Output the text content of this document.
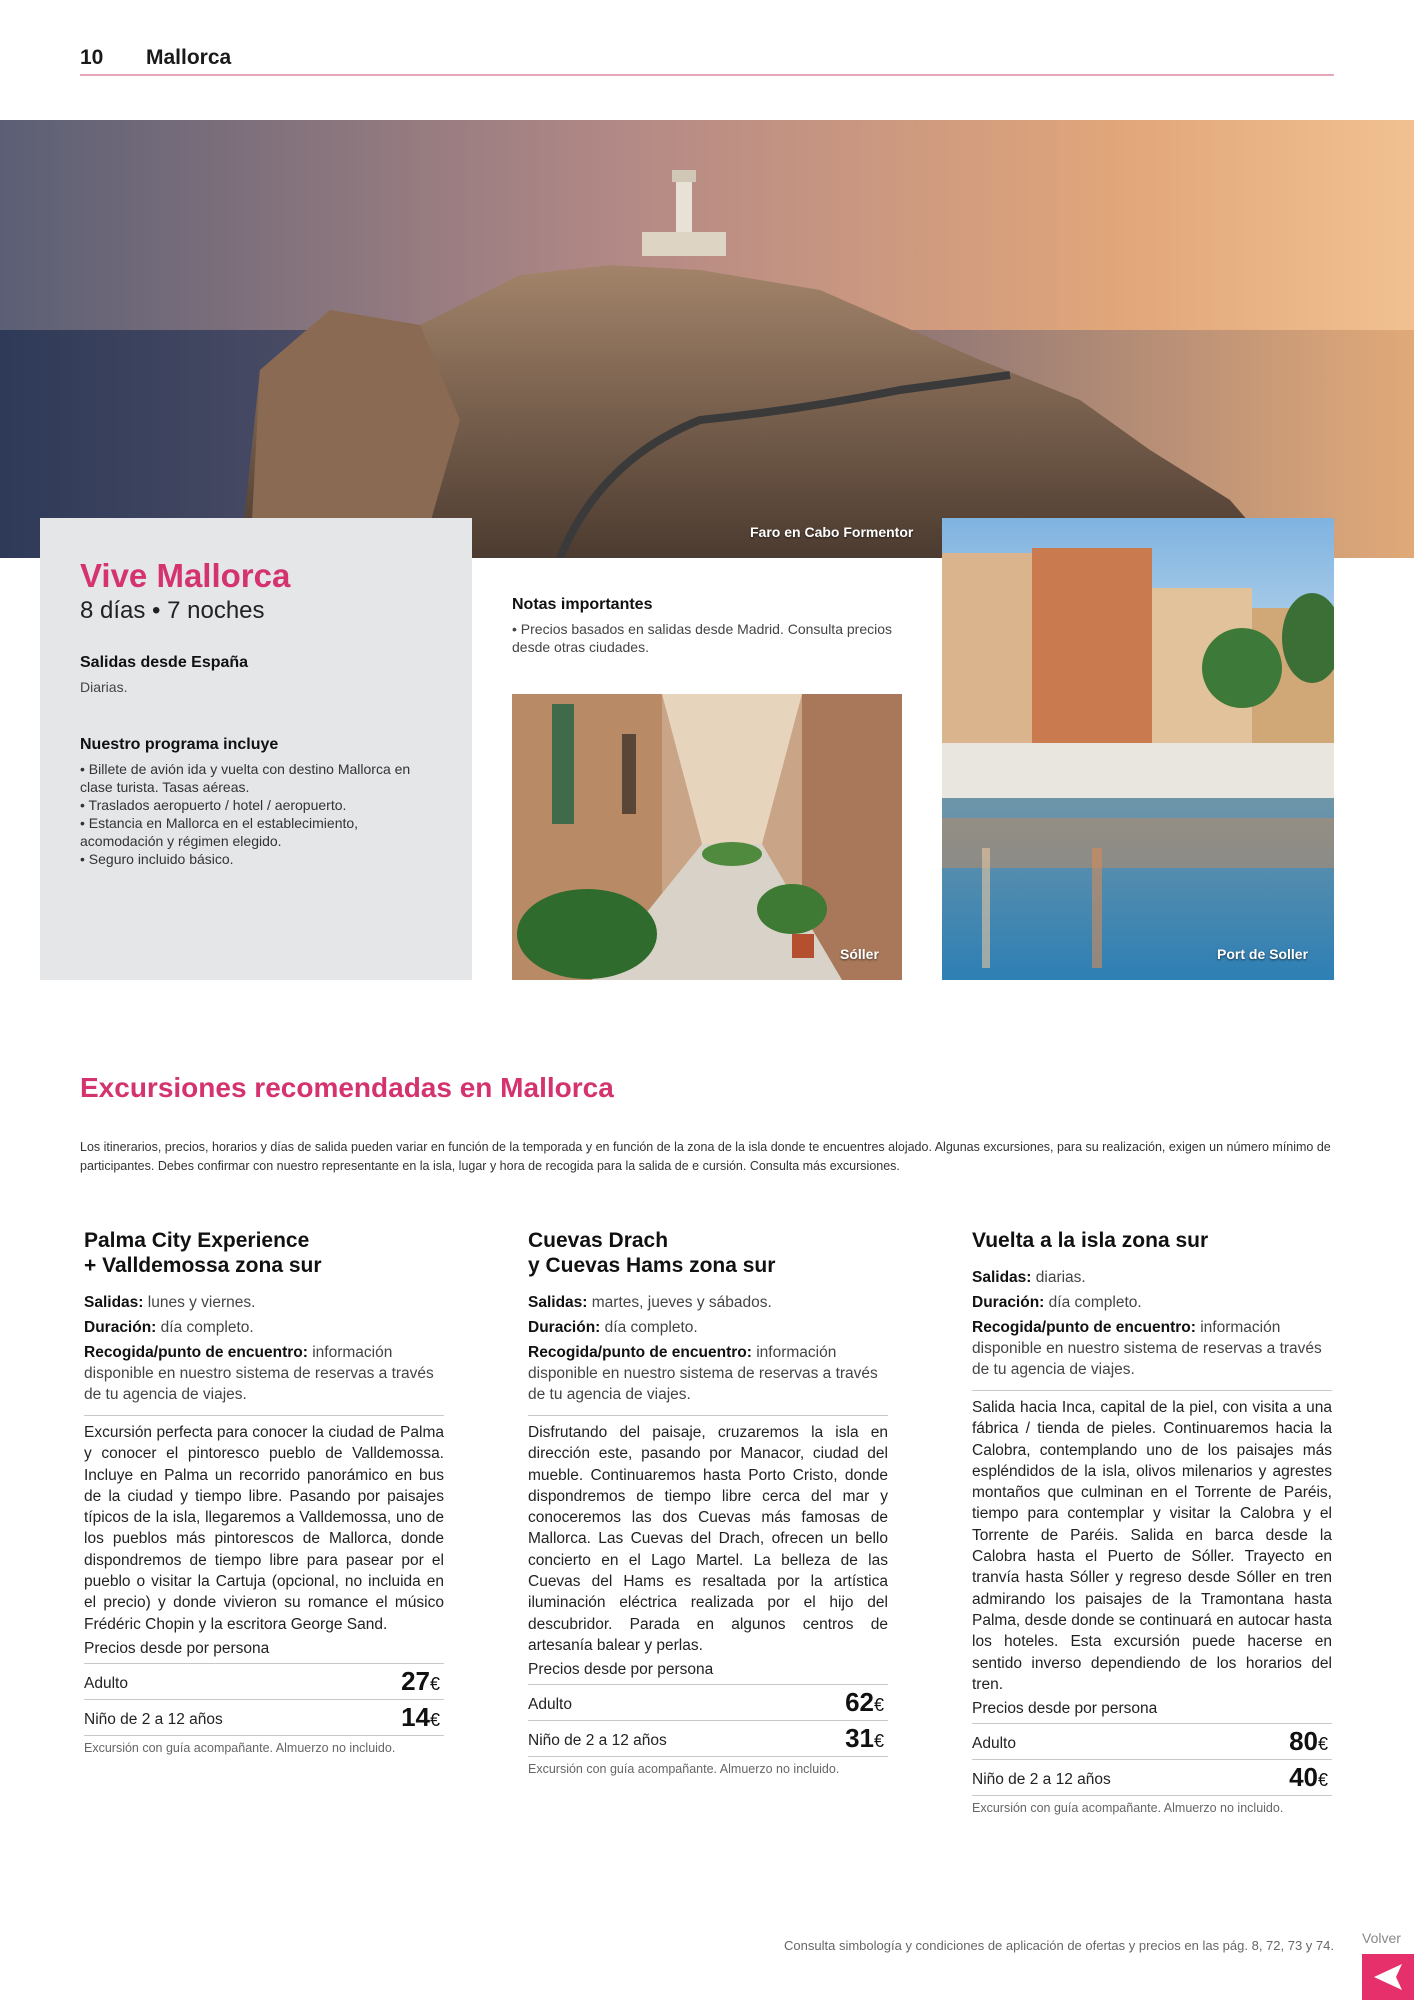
10 Mallorca
Faro en Cabo Formentor
Vive Mallorca
8 días • 7 noches
Salidas desde España
Diarias.
Nuestro programa incluye
• Billete de avión ida y vuelta con destino Mallorca en clase turista. Tasas aéreas.
• Traslados aeropuerto / hotel / aeropuerto.
• Estancia en Mallorca en el establecimiento, acomodación y régimen elegido.
• Seguro incluido básico.
Notas importantes
• Precios basados en salidas desde Madrid. Consulta precios desde otras ciudades.
Sóller	Port de Soller
Excursiones recomendadas en Mallorca
Los itinerarios, precios, horarios y días de salida pueden variar en función de la temporada y en función de la zona de la isla donde te encuentres alojado. Algunas excursiones, para su realización, exigen un número mínimo de participantes. Debes confirmar con nuestro representante en la isla, lugar y hora de recogida para la salida de e cursión. Consulta más excursiones.
Palma City Experience
+ Valldemossa zona sur

Salidas: lunes y viernes.

Duración: día completo.

Recogida/punto de encuentro: información disponible en nuestro sistema de reservas a través de tu agencia de viajes.

Excursión perfecta para conocer la ciudad de Palma y conocer el pintoresco pueblo de Valldemossa. Incluye en Palma un recorrido panorámico en bus de la ciudad y tiempo libre. Pasando por paisajes típicos de la isla, llegaremos a Valldemossa, uno de los pueblos más pintorescos de Mallorca, donde dispondremos de tiempo libre para pasear por el pueblo o visitar la Cartuja (opcional, no incluida en el precio) y donde vivieron su romance el músico Frédéric Chopin y la escritora George Sand.
Precios desde por persona
Adulto	27€
Niño de 2 a 12 años	14€
Excursión con guía acompañante. Almuerzo no incluido.
Cuevas Drach
y Cuevas Hams zona sur

Salidas: martes, jueves y sábados.

Duración: día completo.

Recogida/punto de encuentro: información disponible en nuestro sistema de reservas a través de tu agencia de viajes.

Disfrutando del paisaje, cruzaremos la isla en dirección este, pasando por Manacor, ciudad del mueble. Continuaremos hasta Porto Cristo, donde dispondremos de tiempo libre cerca del mar y conoceremos las dos Cuevas más famosas de Mallorca. Las Cuevas del Drach, ofrecen un bello concierto en el Lago Martel. La belleza de las Cuevas del Hams es resaltada por la artística iluminación eléctrica realizada por el hijo del descubridor. Parada en algunos centros de artesanía balear y perlas.
Precios desde por persona
Adulto	62€
Niño de 2 a 12 años	31€
Excursión con guía acompañante. Almuerzo no incluido.
Vuelta a la isla zona sur

Salidas: diarias.

Duración: día completo.

Recogida/punto de encuentro: información disponible en nuestro sistema de reservas a través de tu agencia de viajes.

Salida hacia Inca, capital de la piel, con visita a una fábrica / tienda de pieles. Continuaremos hacia la Calobra, contemplando uno de los paisajes más espléndidos de la isla, olivos milenarios y agrestes montaños que culminan en el Torrente de Paréis, tiempo para contemplar y visitar la Calobra y el Torrente de Paréis. Salida en barca desde la Calobra hasta el Puerto de Sóller. Trayecto en tranvía hasta Sóller y regreso desde Sóller en tren admirando los paisajes de la Tramontana hasta Palma, desde donde se continuará en autocar hasta los hoteles. Esta excursión puede hacerse en sentido inverso dependiendo de los horarios del tren.
Precios desde por persona
Adulto	80€
Niño de 2 a 12 años	40€
Excursión con guía acompañante. Almuerzo no incluido.
Consulta simbología y condiciones de aplicación de ofertas y precios en las pág. 8, 72, 73 y 74. Volver
